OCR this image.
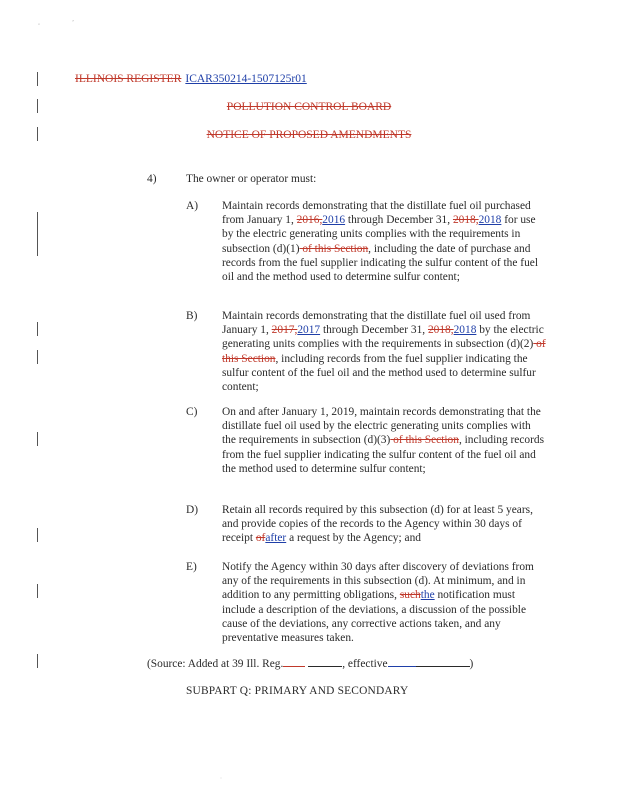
◦	ʼ
ˈ
ILLINOIS REGISTER ICAR350214-1507125r01
POLLUTION CONTROL BOARD
NOTICE OF PROPOSED AMENDMENTS
4)	The owner or operator must:
A)	Maintain records demonstrating that the distillate fuel oil purchased from January 1, 2016,2016 through December 31, 2018,2018 for use by the electric generating units complies with the requirements in subsection (d)(1) of this Section, including the date of purchase and records from the fuel supplier indicating the sulfur content of the fuel oil and the method used to determine sulfur content;
B)	Maintain records demonstrating that the distillate fuel oil used from January 1, 2017,2017 through December 31, 2018,2018 by the electric generating units complies with the requirements in subsection (d)(2) of this Section, including records from the fuel supplier indicating the sulfur content of the fuel oil and the method used to determine sulfur content;
C)	On and after January 1, 2019, maintain records demonstrating that the distillate fuel oil used by the electric generating units complies with the requirements in subsection (d)(3) of this Section, including records from the fuel supplier indicating the sulfur content of the fuel oil and the method used to determine sulfur content;
D)	Retain all records required by this subsection (d) for at least 5 years, and provide copies of the records to the Agency within 30 days of receipt ofafter a request by the Agency; and
E)	Notify the Agency within 30 days after discovery of deviations from any of the requirements in this subsection (d). At minimum, and in addition to any permitting obligations, suchthe notification must include a description of the deviations, a discussion of the possible cause of the deviations, any corrective actions taken, and any preventative measures taken.
(Source: Added at 39 Ill. Reg.	, effective	)
SUBPART Q: PRIMARY AND SECONDARY
